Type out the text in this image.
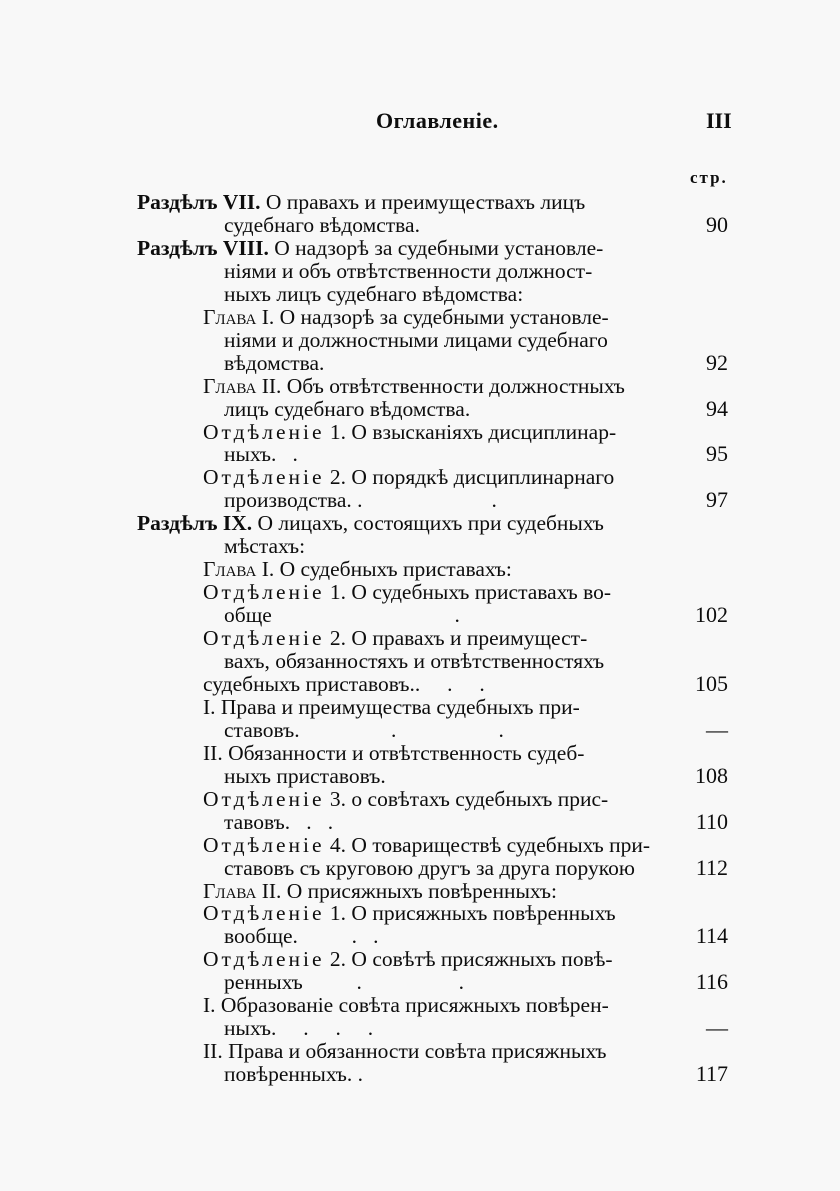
Оглавленіе.	III
стр.
Раздѣлъ VII. О правахъ и преимуществахъ лицъ
судебнаго вѣдомства.	90
Раздѣлъ VIII. О надзорѣ за судебными установле-
ніями и объ отвѣтственности должност-
ныхъ лицъ судебнаго вѣдомства:
Глава I. О надзорѣ за судебными установле-
ніями и должностными лицами судебнаго
вѣдомства.	92
Глава II. Объ отвѣтственности должностныхъ
лицъ судебнаго вѣдомства.	94
Отдѣленіе 1. О взысканіяхъ дисциплинар-
ныхъ.   .	95
Отдѣленіе 2. О порядкѣ дисциплинарнаго
производства. .                        .	97
Раздѣлъ IX. О лицахъ, состоящихъ при судебныхъ
мѣстахъ:
Глава I. О судебныхъ приставахъ:
Отдѣленіе 1. О судебныхъ приставахъ во-
обще                                  .	102
Отдѣленіе 2. О правахъ и преимущест-
вахъ, обязанностяхъ и отвѣтственностяхъ
судебныхъ приставовъ..     .     .	105
I. Права и преимущества судебныхъ при-
ставовъ.                 .                   .	—
II. Обязанности и отвѣтственность судеб-
ныхъ приставовъ.	108
Отдѣленіе 3. о совѣтахъ судебныхъ прис-
тавовъ.   .   .	110
Отдѣленіе 4. О товариществѣ судебныхъ при-
ставовъ съ круговою другъ за друга порукою	112
Глава II. О присяжныхъ повѣренныхъ:
Отдѣленіе 1. О присяжныхъ повѣренныхъ
вообще.          .   .	114
Отдѣленіе 2. О совѣтѣ присяжныхъ повѣ-
ренныхъ          .                  .	116
I. Образованіе совѣта присяжныхъ повѣрен-
ныхъ.     .     .     .	—
II. Права и обязанности совѣта присяжныхъ
повѣренныхъ. .	117
